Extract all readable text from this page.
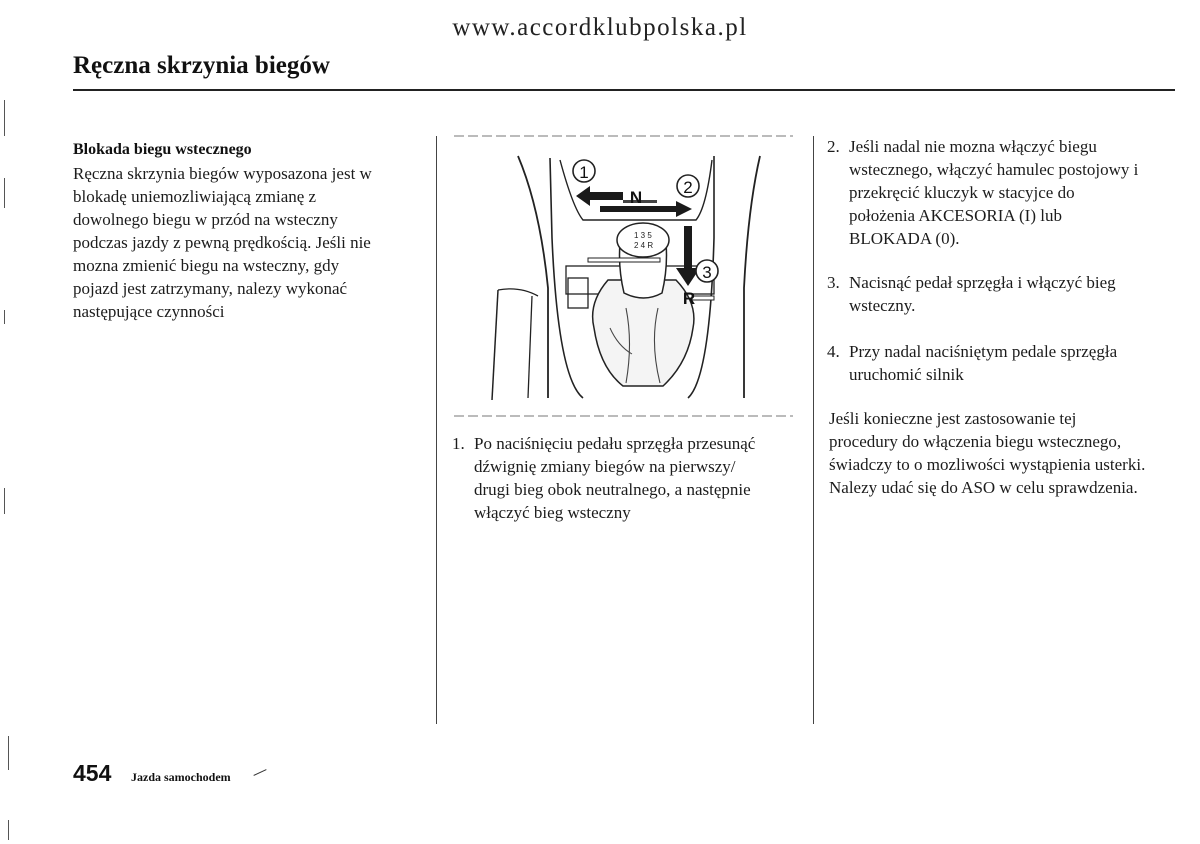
www.accordklubpolska.pl
Ręczna skrzynia biegów
Blokada biegu wstecznego
Ręczna skrzynia biegów wyposazona jest w
blokadę uniemozliwiającą zmianę z
dowolnego biegu w przód na wsteczny
podczas jazdy z pewną prędkością. Jeśli nie
mozna zmienić biegu na wsteczny, gdy
pojazd jest zatrzymany, nalezy wykonać
następujące czynności
1 3 5
2 4 R
1
2
3
N
R
1. Po naciśnięciu pedału sprzęgła przesunąć
dźwignię zmiany biegów na pierwszy/
drugi bieg obok neutralnego, a następnie
włączyć bieg wsteczny
2. Jeśli nadal nie mozna włączyć biegu
wstecznego, włączyć hamulec postojowy i
przekręcić kluczyk w stacyjce do
położenia AKCESORIA (I) lub
BLOKADA (0).
3. Nacisnąć pedał sprzęgła i włączyć bieg
wsteczny.
4. Przy nadal naciśniętym pedale sprzęgła
uruchomić silnik
Jeśli konieczne jest zastosowanie tej
procedury do włączenia biegu wstecznego,
świadczy to o mozliwości wystąpienia usterki.
Nalezy udać się do ASO w celu sprawdzenia.
454 Jazda samochodem
